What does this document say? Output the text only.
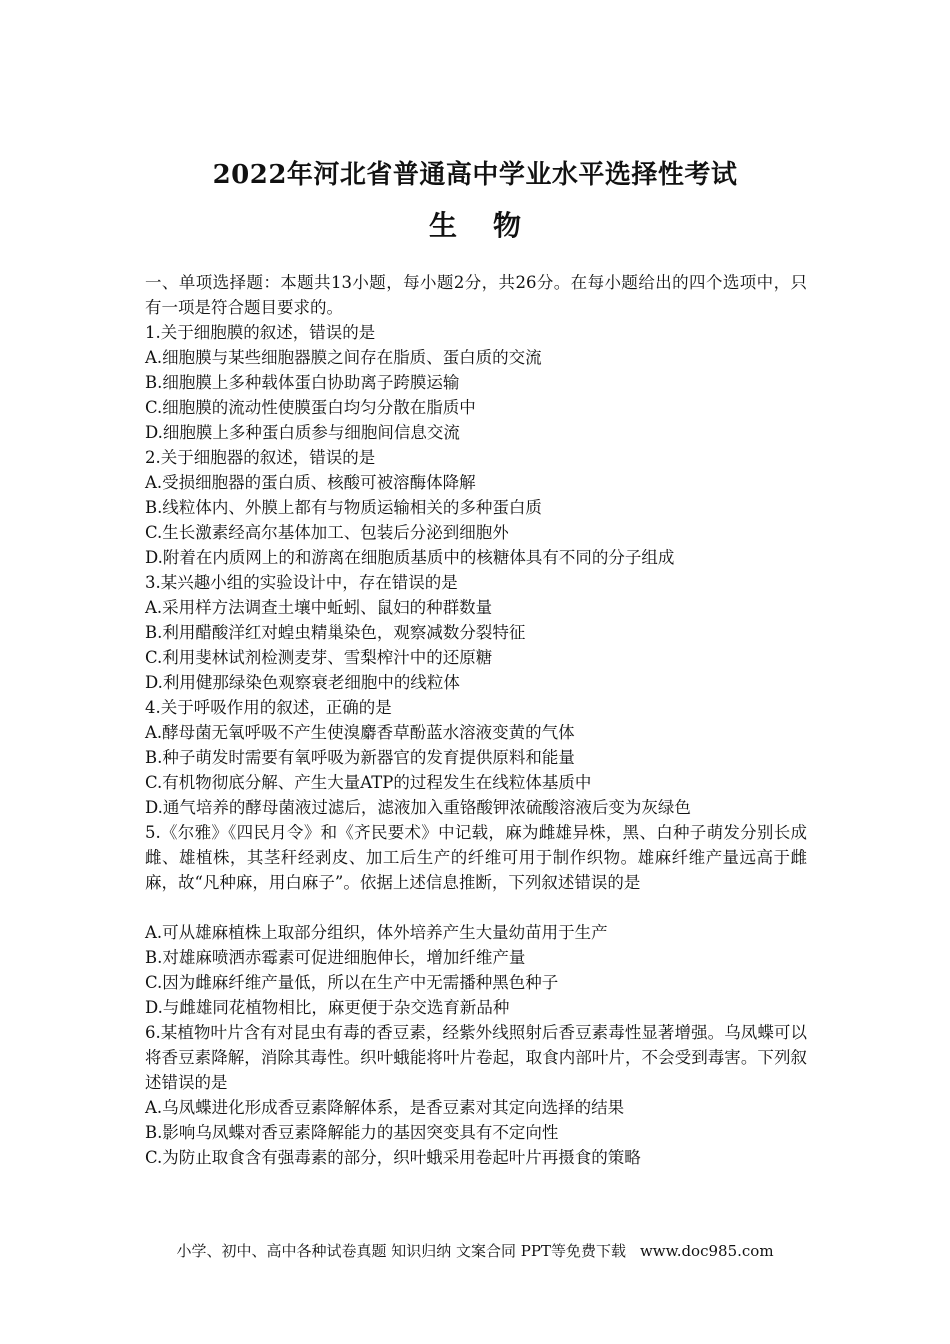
2022年河北省普通高中学业水平选择性考试
生物

一、单项选择题：本题共13小题，每小题2分，共26分。在每小题给出的四个选项中，只有一项是符合题目要求的。

1.关于细胞膜的叙述，错误的是

A.细胞膜与某些细胞器膜之间存在脂质、蛋白质的交流

B.细胞膜上多种载体蛋白协助离子跨膜运输

C.细胞膜的流动性使膜蛋白均匀分散在脂质中

D.细胞膜上多种蛋白质参与细胞间信息交流

2.关于细胞器的叙述，错误的是

A.受损细胞器的蛋白质、核酸可被溶酶体降解

B.线粒体内、外膜上都有与物质运输相关的多种蛋白质

C.生长激素经高尔基体加工、包装后分泌到细胞外

D.附着在内质网上的和游离在细胞质基质中的核糖体具有不同的分子组成

3.某兴趣小组的实验设计中，存在错误的是

A.采用样方法调查土壤中蚯蚓、鼠妇的种群数量

B.利用醋酸洋红对蝗虫精巢染色，观察减数分裂特征

C.利用斐林试剂检测麦芽、雪梨榨汁中的还原糖

D.利用健那绿染色观察衰老细胞中的线粒体

4.关于呼吸作用的叙述，正确的是

A.酵母菌无氧呼吸不产生使溴麝香草酚蓝水溶液变黄的气体

B.种子萌发时需要有氧呼吸为新器官的发育提供原料和能量

C.有机物彻底分解、产生大量ATP的过程发生在线粒体基质中

D.通气培养的酵母菌液过滤后，滤液加入重铬酸钾浓硫酸溶液后变为灰绿色

5.《尔雅》《四民月令》和《齐民要术》中记载，麻为雌雄异株，黑、白种子萌发分别长成雌、雄植株，其茎秆经剥皮、加工后生产的纤维可用于制作织物。雄麻纤维产量远高于雌麻，故“凡种麻，用白麻子”。依据上述信息推断，下列叙述错误的是

A.可从雄麻植株上取部分组织，体外培养产生大量幼苗用于生产

B.对雄麻喷洒赤霉素可促进细胞伸长，增加纤维产量

C.因为雌麻纤维产量低，所以在生产中无需播种黑色种子

D.与雌雄同花植物相比，麻更便于杂交选育新品种

6.某植物叶片含有对昆虫有毒的香豆素，经紫外线照射后香豆素毒性显著增强。乌凤蝶可以将香豆素降解，消除其毒性。织叶蛾能将叶片卷起，取食内部叶片，不会受到毒害。下列叙述错误的是

A.乌凤蝶进化形成香豆素降解体系，是香豆素对其定向选择的结果

B.影响乌凤蝶对香豆素降解能力的基因突变具有不定向性

C.为防止取食含有强毒素的部分，织叶蛾采用卷起叶片再摄食的策略

小学、初中、高中各种试卷真题 知识归纳 文案合同 PPT等免费下载 www.doc985.com
